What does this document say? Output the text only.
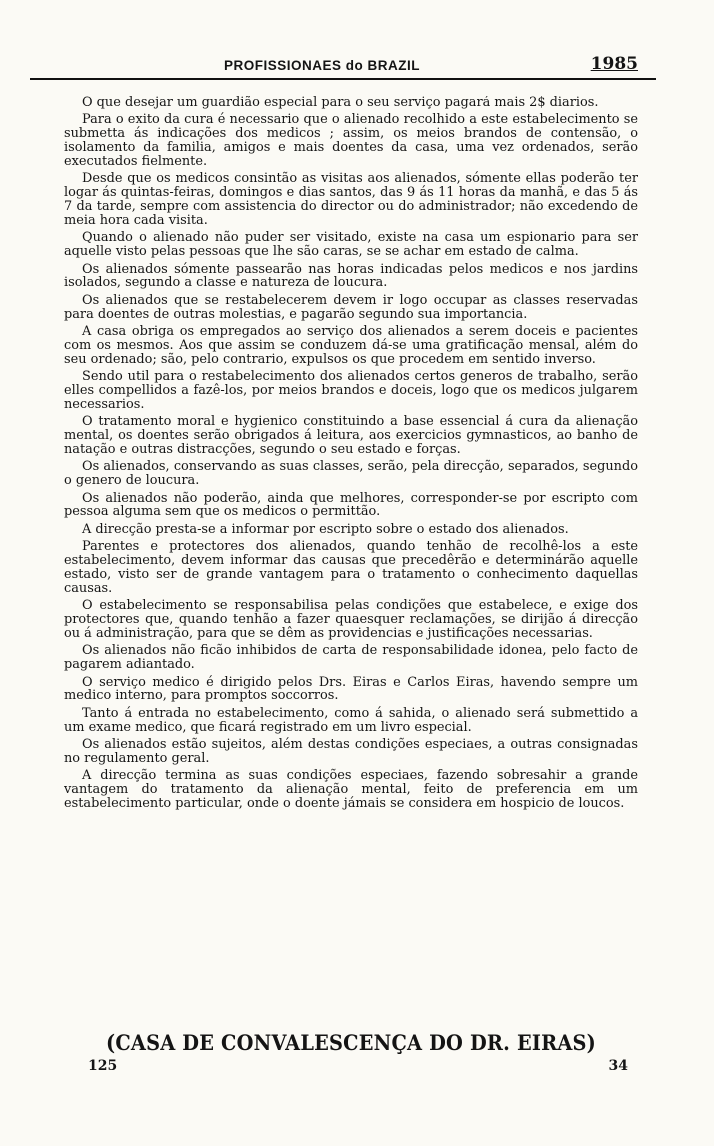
PROFISSIONAES do BRAZIL	1985

O que desejar um guardião especial para o seu serviço pagará mais 2$ diarios.

Para o exito da cura é necessario que o alienado recolhido a este estabelecimento se submetta ás indicações dos medicos ; assim, os meios brandos de contensão, o isolamento da familia, amigos e mais doentes da casa, uma vez ordenados, serão executados fielmente.

Desde que os medicos consintão as visitas aos alienados, sómente ellas poderão ter logar ás quintas-feiras, domingos e dias santos, das 9 ás 11 horas da manhã, e das 5 ás 7 da tarde, sempre com assistencia do director ou do administrador; não excedendo de meia hora cada visita.

Quando o alienado não puder ser visitado, existe na casa um espionario para ser aquelle visto pelas pessoas que lhe são caras, se se achar em estado de calma.

Os alienados sómente passearão nas horas indicadas pelos medicos e nos jardins isolados, segundo a classe e natureza de loucura.

Os alienados que se restabelecerem devem ir logo occupar as classes reservadas para doentes de outras molestias, e pagarão segundo sua importancia.

A casa obriga os empregados ao serviço dos alienados a serem doceis e pacientes com os mesmos. Aos que assim se conduzem dá-se uma gratificação mensal, além do seu ordenado; são, pelo contrario, expulsos os que procedem em sentido inverso.

Sendo util para o restabelecimento dos alienados certos generos de trabalho, serão elles compellidos a fazê-los, por meios brandos e doceis, logo que os medicos julgarem necessarios.

O tratamento moral e hygienico constituindo a base essencial á cura da alienação mental, os doentes serão obrigados á leitura, aos exercicios gymnasticos, ao banho de natação e outras distracções, segundo o seu estado e forças.

Os alienados, conservando as suas classes, serão, pela direcção, separados, segundo o genero de loucura.

Os alienados não poderão, ainda que melhores, corresponder-se por escripto com pessoa alguma sem que os medicos o permittão.

A direcção presta-se a informar por escripto sobre o estado dos alienados.

Parentes e protectores dos alienados, quando tenhão de recolhê-los a este estabelecimento, devem informar das causas que precedêrão e determinárão aquelle estado, visto ser de grande vantagem para o tratamento o conhecimento daquellas causas.

O estabelecimento se responsabilisa pelas condições que estabelece, e exige dos protectores que, quando tenhão a fazer quaesquer reclamações, se dirijão á direcção ou á administração, para que se dêm as providencias e justificações necessarias.

Os alienados não ficão inhibidos de carta de responsabilidade idonea, pelo facto de pagarem adiantado.

O serviço medico é dirigido pelos Drs. Eiras e Carlos Eiras, havendo sempre um medico interno, para promptos soccorros.

Tanto á entrada no estabelecimento, como á sahida, o alienado será submettido a um exame medico, que ficará registrado em um livro especial.

Os alienados estão sujeitos, além destas condições especiaes, a outras consignadas no regulamento geral.

A direcção termina as suas condições especiaes, fazendo sobresahir a grande vantagem do tratamento da alienação mental, feito de preferencia em um estabelecimento particular, onde o doente jámais se considera em hospicio de loucos.

(CASA DE CONVALESCENÇA DO DR. EIRAS)
125	34
